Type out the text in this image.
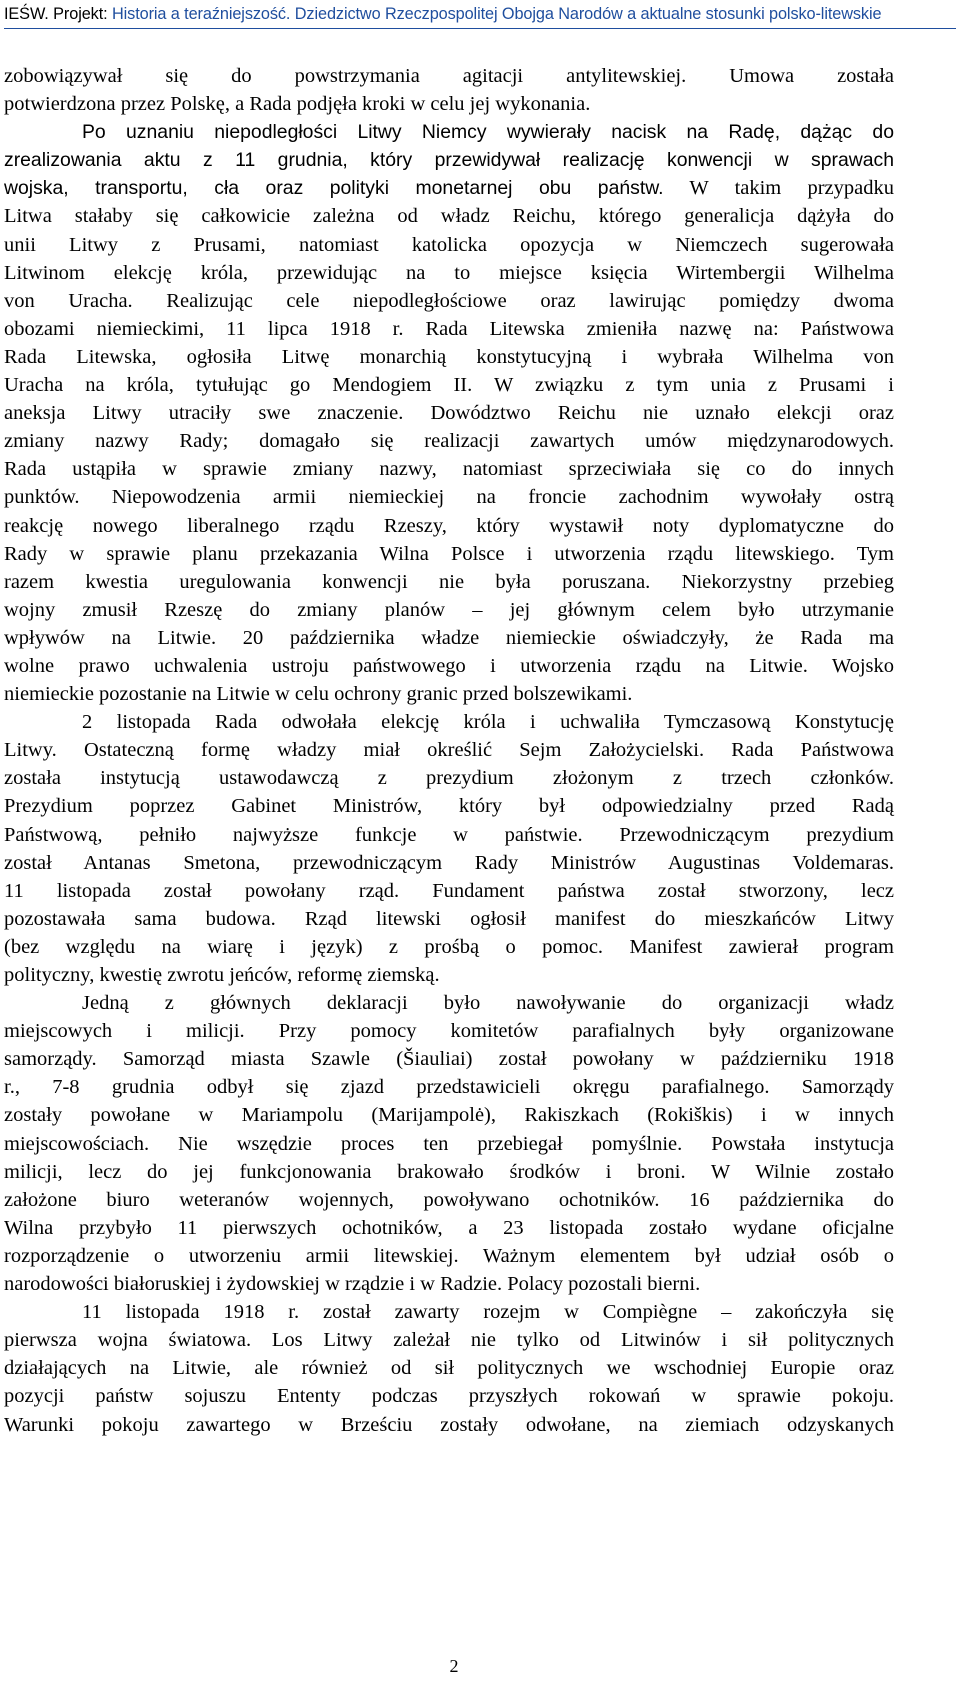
IEŚW. Projekt: Historia a teraźniejszość. Dziedzictwo Rzeczpospolitej Obojga Narodów a aktualne stosunki polsko-litewskie
zobowiązywał się do powstrzymania agitacji antylitewskiej. Umowa została
potwierdzona przez Polskę, a Rada podjęła kroki w celu jej wykonania.
Po uznaniu niepodległości Litwy Niemcy wywierały nacisk na Radę, dążąc do
zrealizowania aktu z 11 grudnia, który przewidywał realizację konwencji w sprawach
wojska, transportu, cła oraz polityki monetarnej obu państw. W takim przypadku
Litwa stałaby się całkowicie zależna od władz Reichu, którego generalicja dążyła do
unii Litwy z Prusami, natomiast katolicka opozycja w Niemczech sugerowała
Litwinom elekcję króla, przewidując na to miejsce księcia Wirtembergii Wilhelma
von Uracha. Realizując cele niepodległościowe oraz lawirując pomiędzy dwoma
obozami niemieckimi, 11 lipca 1918 r. Rada Litewska zmieniła nazwę na: Państwowa
Rada Litewska, ogłosiła Litwę monarchią konstytucyjną i wybrała Wilhelma von
Uracha na króla, tytułując go Mendogiem II. W związku z tym unia z Prusami i
aneksja Litwy utraciły swe znaczenie. Dowództwo Reichu nie uznało elekcji oraz
zmiany nazwy Rady; domagało się realizacji zawartych umów międzynarodowych.
Rada ustąpiła w sprawie zmiany nazwy, natomiast sprzeciwiała się co do innych
punktów. Niepowodzenia armii niemieckiej na froncie zachodnim wywołały ostrą
reakcję nowego liberalnego rządu Rzeszy, który wystawił noty dyplomatyczne do
Rady w sprawie planu przekazania Wilna Polsce i utworzenia rządu litewskiego. Tym
razem kwestia uregulowania konwencji nie była poruszana. Niekorzystny przebieg
wojny zmusił Rzeszę do zmiany planów – jej głównym celem było utrzymanie
wpływów na Litwie. 20 października władze niemieckie oświadczyły, że Rada ma
wolne prawo uchwalenia ustroju państwowego i utworzenia rządu na Litwie. Wojsko
niemieckie pozostanie na Litwie w celu ochrony granic przed bolszewikami.
2 listopada Rada odwołała elekcję króla i uchwaliła Tymczasową Konstytucję
Litwy. Ostateczną formę władzy miał określić Sejm Założycielski. Rada Państwowa
została instytucją ustawodawczą z prezydium złożonym z trzech członków.
Prezydium poprzez Gabinet Ministrów, który był odpowiedzialny przed Radą
Państwową, pełniło najwyższe funkcje w państwie. Przewodniczącym prezydium
został Antanas Smetona, przewodniczącym Rady Ministrów Augustinas Voldemaras.
11 listopada został powołany rząd. Fundament państwa został stworzony, lecz
pozostawała sama budowa. Rząd litewski ogłosił manifest do mieszkańców Litwy
(bez względu na wiarę i język) z prośbą o pomoc. Manifest zawierał program
polityczny, kwestię zwrotu jeńców, reformę ziemską.
Jedną z głównych deklaracji było nawoływanie do organizacji władz
miejscowych i milicji. Przy pomocy komitetów parafialnych były organizowane
samorządy. Samorząd miasta Szawle (Šiauliai) został powołany w październiku 1918
r., 7-8 grudnia odbył się zjazd przedstawicieli okręgu parafialnego. Samorządy
zostały powołane w Mariampolu (Marijampolė), Rakiszkach (Rokiškis) i w innych
miejscowościach. Nie wszędzie proces ten przebiegał pomyślnie. Powstała instytucja
milicji, lecz do jej funkcjonowania brakowało środków i broni. W Wilnie zostało
założone biuro weteranów wojennych, powoływano ochotników. 16 października do
Wilna przybyło 11 pierwszych ochotników, a 23 listopada zostało wydane oficjalne
rozporządzenie o utworzeniu armii litewskiej. Ważnym elementem był udział osób o
narodowości białoruskiej i żydowskiej w rządzie i w Radzie. Polacy pozostali bierni.
11 listopada 1918 r. został zawarty rozejm w Compiègne – zakończyła się
pierwsza wojna światowa. Los Litwy zależał nie tylko od Litwinów i sił politycznych
działających na Litwie, ale również od sił politycznych we wschodniej Europie oraz
pozycji państw sojuszu Ententy podczas przyszłych rokowań w sprawie pokoju.
Warunki pokoju zawartego w Brześciu zostały odwołane, na ziemiach odzyskanych
2
